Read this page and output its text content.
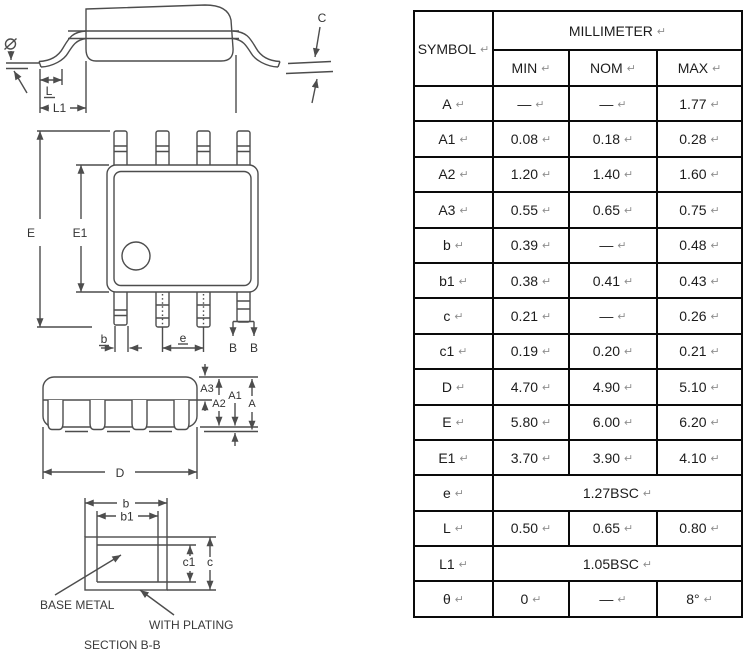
L
L1
C
E	E1
b	e
B B
D
A3
A2
A1
A
b
b1
c1 c
BASE METAL
WITH PLATING
SECTION B-B
SYMBOL ↵	MILLIMETER ↵		
	MIN ↵	NOM ↵	MAX ↵
A ↵	— ↵	— ↵	1.77 ↵
A1 ↵	0.08 ↵	0.18 ↵	0.28 ↵
A2 ↵	1.20 ↵	1.40 ↵	1.60 ↵
A3 ↵	0.55 ↵	0.65 ↵	0.75 ↵
b ↵	0.39 ↵	— ↵	0.48 ↵
b1 ↵	0.38 ↵	0.41 ↵	0.43 ↵
c ↵	0.21 ↵	— ↵	0.26 ↵
c1 ↵	0.19 ↵	0.20 ↵	0.21 ↵
D ↵	4.70 ↵	4.90 ↵	5.10 ↵
E ↵	5.80 ↵	6.00 ↵	6.20 ↵
E1 ↵	3.70 ↵	3.90 ↵	4.10 ↵
e ↵	1.27BSC ↵		
L ↵	0.50 ↵	0.65 ↵	0.80 ↵
L1 ↵	1.05BSC ↵		
θ ↵	0 ↵	— ↵	8° ↵
